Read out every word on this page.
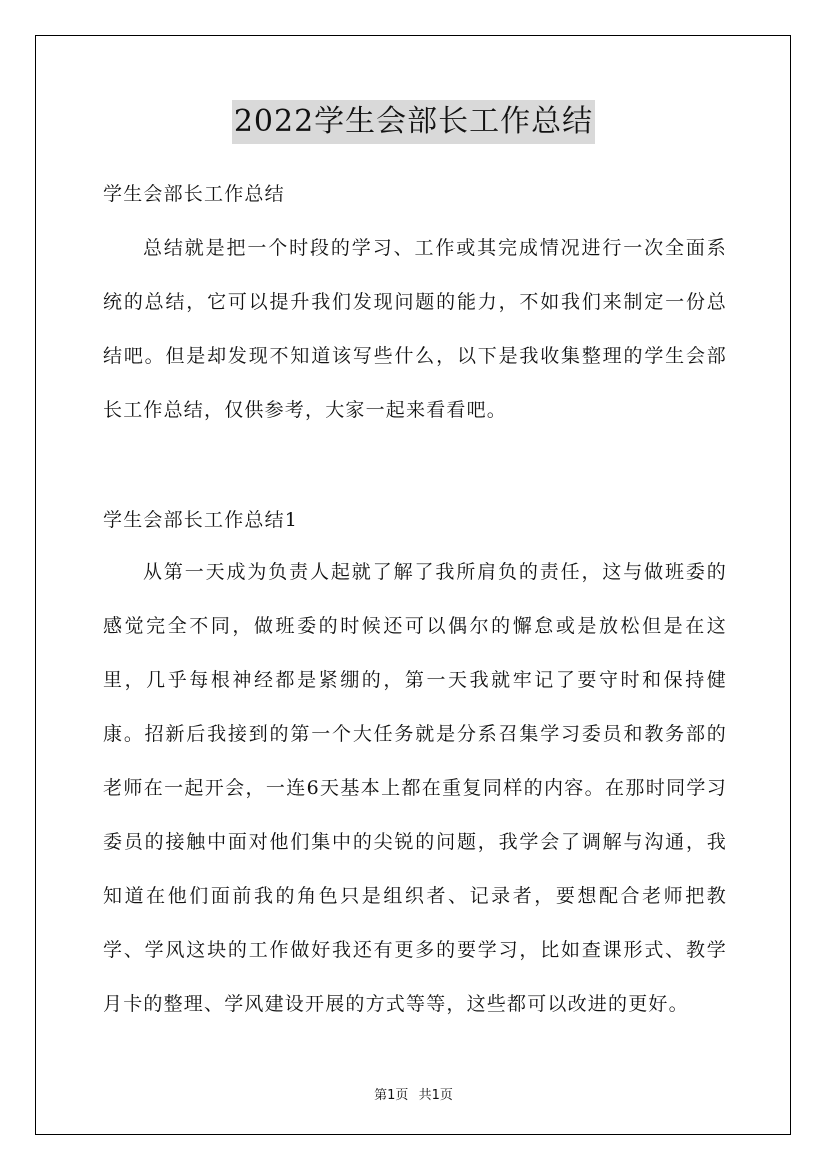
2022学生会部长工作总结
学生会部长工作总结

总结就是把一个时段的学习、工作或其完成情况进行一次全面系统的总结，它可以提升我们发现问题的能力，不如我们来制定一份总结吧。但是却发现不知道该写些什么，以下是我收集整理的学生会部长工作总结，仅供参考，大家一起来看看吧。

学生会部长工作总结1

从第一天成为负责人起就了解了我所肩负的责任，这与做班委的感觉完全不同，做班委的时候还可以偶尔的懈怠或是放松但是在这里，几乎每根神经都是紧绷的，第一天我就牢记了要守时和保持健康。招新后我接到的第一个大任务就是分系召集学习委员和教务部的老师在一起开会，一连6天基本上都在重复同样的内容。在那时同学习委员的接触中面对他们集中的尖锐的问题，我学会了调解与沟通，我知道在他们面前我的角色只是组织者、记录者，要想配合老师把教学、学风这块的工作做好我还有更多的要学习，比如查课形式、教学月卡的整理、学风建设开展的方式等等，这些都可以改进的更好。

第1页 共1页
